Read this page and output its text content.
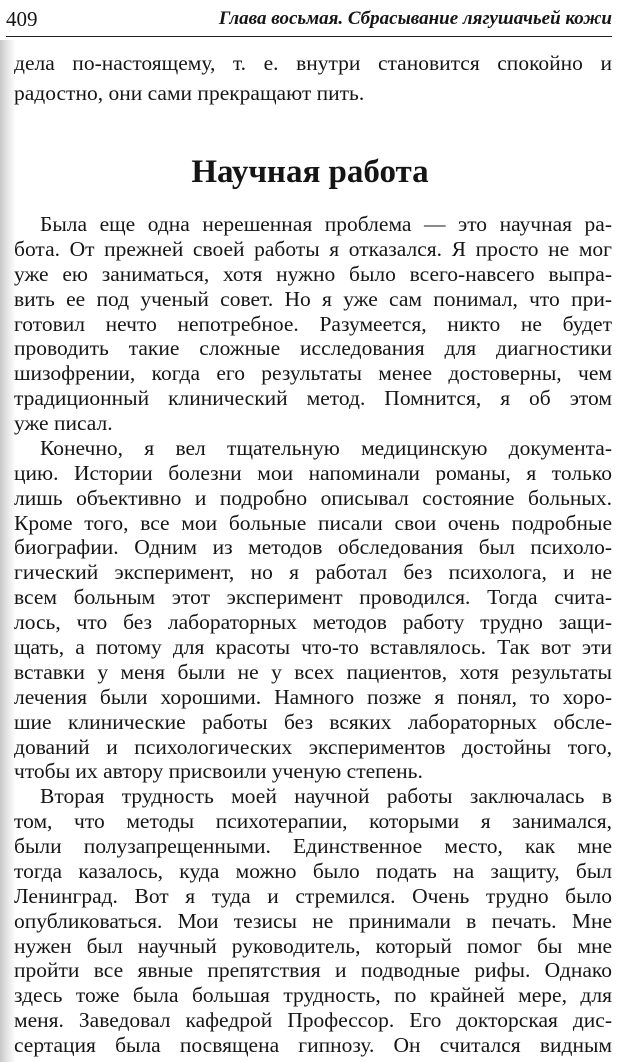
409	Глава восьмая. Сбрасывание лягушачьей кожи
дела по-настоящему, т. е. внутри становится спокойно и
радостно, они сами прекращают пить.
Научная работа
Была еще одна нерешенная проблема — это научная ра-
бота. От прежней своей работы я отказался. Я просто не мог
уже ею заниматься, хотя нужно было всего-навсего выпра-
вить ее под ученый совет. Но я уже сам понимал, что при-
готовил нечто непотребное. Разумеется, никто не будет
проводить такие сложные исследования для диагностики
шизофрении, когда его результаты менее достоверны, чем
традиционный клинический метод. Помнится, я об этом
уже писал.
Конечно, я вел тщательную медицинскую документа-
цию. Истории болезни мои напоминали романы, я только
лишь объективно и подробно описывал состояние больных.
Кроме того, все мои больные писали свои очень подробные
биографии. Одним из методов обследования был психоло-
гический эксперимент, но я работал без психолога, и не
всем больным этот эксперимент проводился. Тогда счита-
лось, что без лабораторных методов работу трудно защи-
щать, а потому для красоты что-то вставлялось. Так вот эти
вставки у меня были не у всех пациентов, хотя результаты
лечения были хорошими. Намного позже я понял, то хоро-
шие клинические работы без всяких лабораторных обсле-
дований и психологических экспериментов достойны того,
чтобы их автору присвоили ученую степень.
Вторая трудность моей научной работы заключалась в
том, что методы психотерапии, которыми я занимался,
были полузапрещенными. Единственное место, как мне
тогда казалось, куда можно было подать на защиту, был
Ленинград. Вот я туда и стремился. Очень трудно было
опубликоваться. Мои тезисы не принимали в печать. Мне
нужен был научный руководитель, который помог бы мне
пройти все явные препятствия и подводные рифы. Однако
здесь тоже была большая трудность, по крайней мере, для
меня. Заведовал кафедрой Профессор. Его докторская дис-
сертация была посвящена гипнозу. Он считался видным
